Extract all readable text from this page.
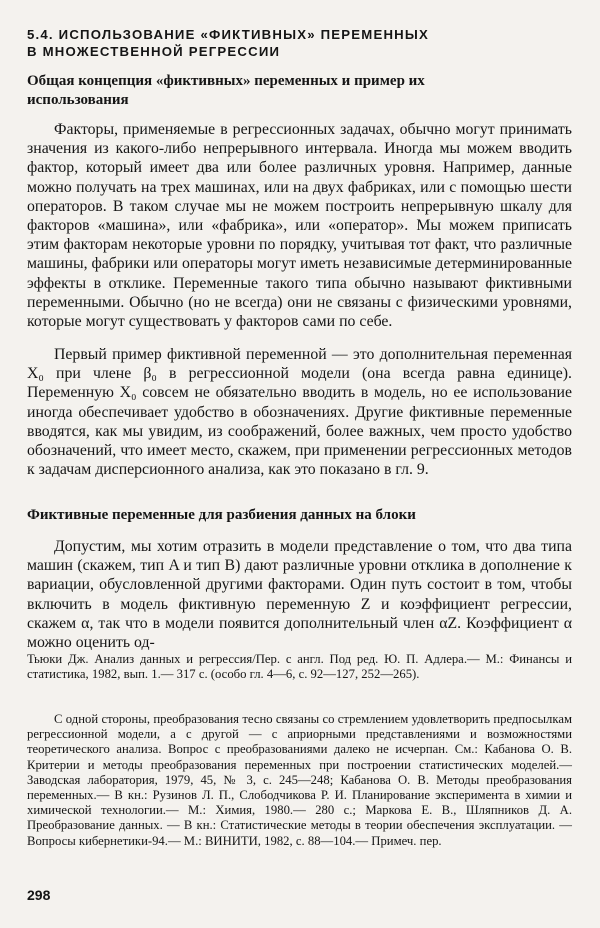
5.4. ИСПОЛЬЗОВАНИЕ «ФИКТИВНЫХ» ПЕРЕМЕННЫХ
В МНОЖЕСТВЕННОЙ РЕГРЕССИИ
Общая концепция «фиктивных» переменных и пример их
использования

Факторы, применяемые в регрессионных задачах, обычно могут принимать значения из какого-либо непрерывного интервала. Иногда мы можем вводить фактор, который имеет два или более различных уровня. Например, данные можно получать на трех машинах, или на двух фабриках, или с помощью шести операторов. В таком случае мы не можем построить непрерывную шкалу для факторов «машина», или «фабрика», или «оператор». Мы можем приписать этим факторам некоторые уровни по порядку, учитывая тот факт, что различные машины, фабрики или операторы могут иметь независимые детерминированные эффекты в отклике. Переменные такого типа обычно называют фиктивными переменными. Обычно (но не всегда) они не связаны с физическими уровнями, которые могут существовать у факторов сами по себе.

Первый пример фиктивной переменной — это дополнительная переменная X₀ при члене β₀ в регрессионной модели (она всегда равна единице). Переменную X₀ совсем не обязательно вводить в модель, но ее использование иногда обеспечивает удобство в обозначениях. Другие фиктивные переменные вводятся, как мы увидим, из соображений, более важных, чем просто удобство обозначений, что имеет место, скажем, при применении регрессионных методов к задачам дисперсионного анализа, как это показано в гл. 9.

Фиктивные переменные для разбиения данных на блоки

Допустим, мы хотим отразить в модели представление о том, что два типа машин (скажем, тип A и тип B) дают различные уровни отклика в дополнение к вариации, обусловленной другими факторами. Один путь состоит в том, чтобы включить в модель фиктивную переменную Z и коэффициент регрессии, скажем α, так что в модели появится дополнительный член αZ. Коэффициент α можно оценить од-

Тьюки Дж. Анализ данных и регрессия/Пер. с англ. Под ред. Ю. П. Адлера.— М.: Финансы и статистика, 1982, вып. 1.— 317 с. (особо гл. 4—6, с. 92—127, 252—265).

С одной стороны, преобразования тесно связаны со стремлением удовлетворить предпосылкам регрессионной модели, а с другой — с априорными представлениями и возможностями теоретического анализа. Вопрос с преобразованиями далеко не исчерпан. См.: Кабанова О. В. Критерии и методы преобразования переменных при построении статистических моделей.— Заводская лаборатория, 1979, 45, № 3, с. 245—248; Кабанова О. В. Методы преобразования переменных.— В кн.: Рузинов Л. П., Слободчикова Р. И. Планирование эксперимента в химии и химической технологии.— М.: Химия, 1980.— 280 с.; Маркова Е. В., Шляпников Д. А. Преобразование данных. — В кн.: Статистические методы в теории обеспечения эксплуатации. — Вопросы кибернетики-94.— М.: ВИНИТИ, 1982, с. 88—104.— Примеч. пер.

298
